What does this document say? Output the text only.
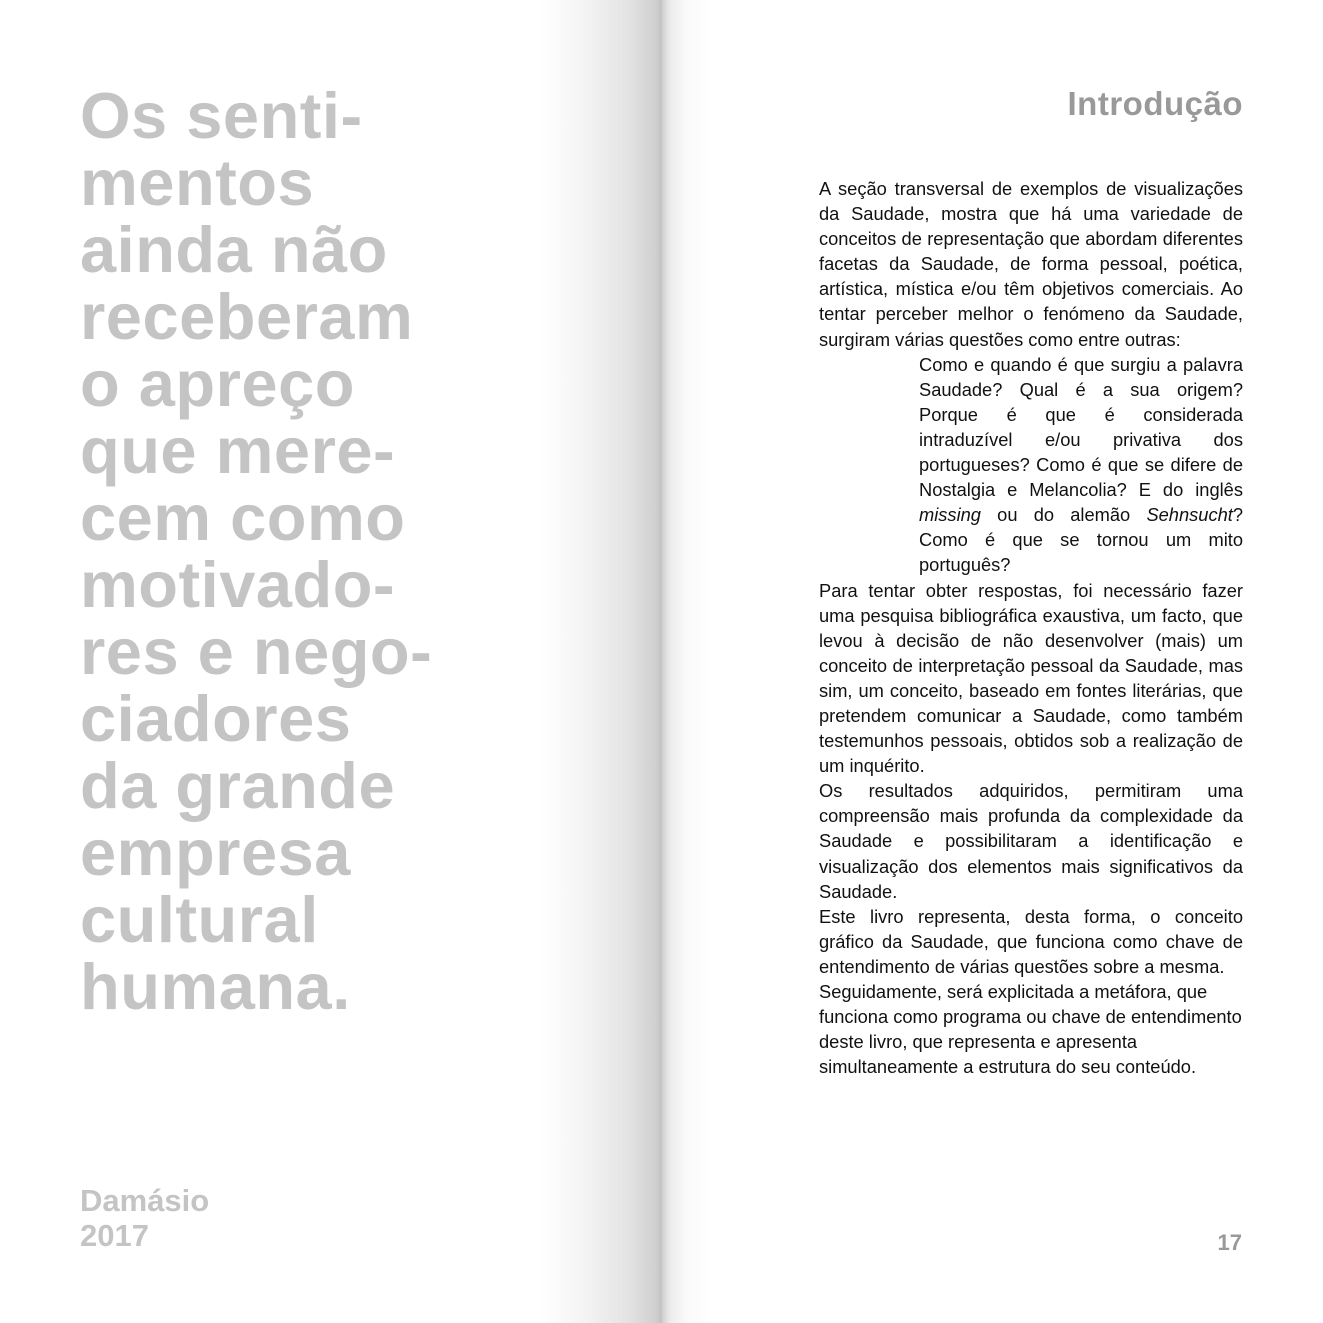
Os senti-
mentos
ainda não
receberam
o apreço
que mere-
cem como
motivado-
res e nego-
ciadores
da grande
empresa
cultural
humana.
Damásio
2017
Introdução

A seção transversal de exemplos de visualizações da Saudade, mostra que há uma variedade de conceitos de representação que abordam diferentes facetas da Saudade, de forma pessoal, poética, artística, mística e/ou têm objetivos comerciais. Ao tentar perceber melhor o fenómeno da Saudade, surgiram várias questões como entre outras:

Como e quando é que surgiu a palavra Saudade? Qual é a sua origem? Porque é que é considerada intraduzível e/ou privativa dos portugueses? Como é que se difere de Nostalgia e Melancolia? E do inglês missing ou do alemão Sehnsucht? Como é que se tornou um mito português?

Para tentar obter respostas, foi necessário fazer uma pesquisa bibliográfica exaustiva, um facto, que levou à decisão de não desenvolver (mais) um conceito de interpretação pessoal da Saudade, mas sim, um conceito, baseado em fontes literárias, que pretendem comunicar a Saudade, como também testemunhos pessoais, obtidos sob a realização de um inquérito.

Os resultados adquiridos, permitiram uma compreensão mais profunda da complexidade da Saudade e possibilitaram a identificação e visualização dos elementos mais significativos da Saudade.

Este livro representa, desta forma, o conceito gráfico da Saudade, que funciona como chave de entendimento de várias questões sobre a mesma.

Seguidamente, será explicitada a metáfora, que funciona como programa ou chave de entendimento deste livro, que representa e apresenta simultaneamente a estrutura do seu conteúdo.

17
